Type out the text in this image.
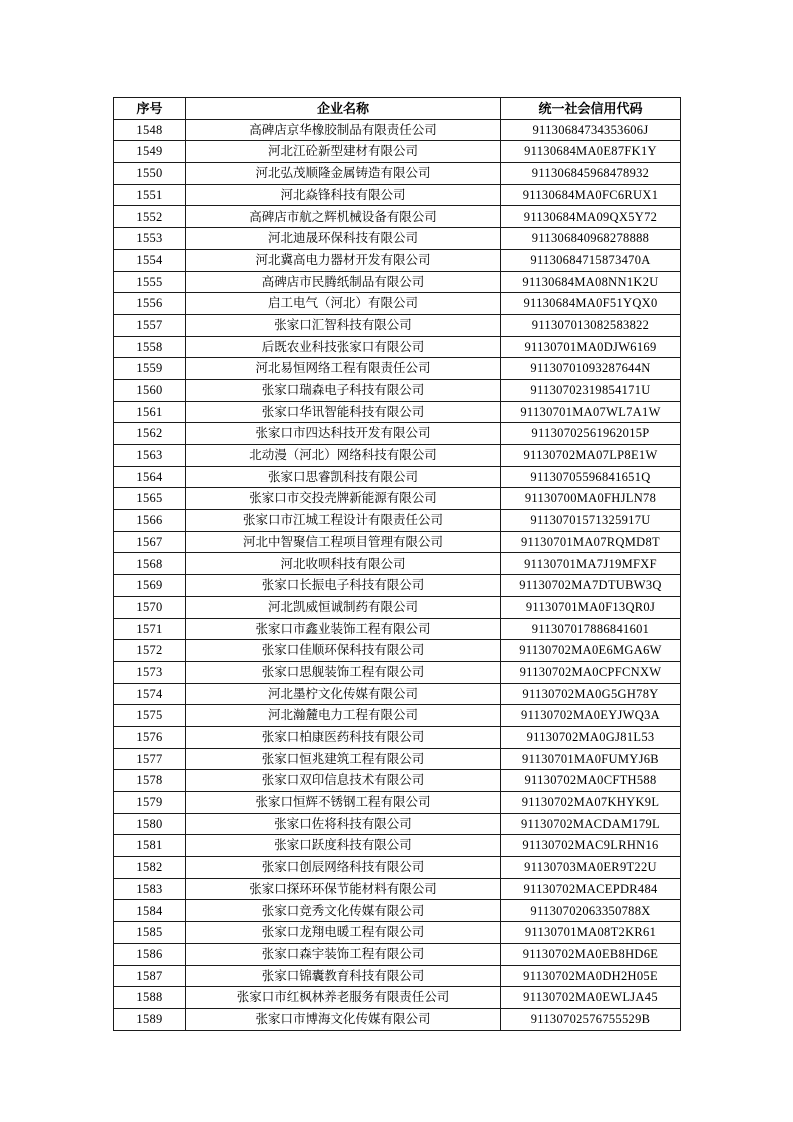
序号	企业名称	统一社会信用代码
1548	高碑店京华橡胶制品有限责任公司	91130684734353606J
1549	河北江砼新型建材有限公司	91130684MA0E87FK1Y
1550	河北弘茂顺隆金属铸造有限公司	911306845968478932
1551	河北焱锋科技有限公司	91130684MA0FC6RUX1
1552	高碑店市航之辉机械设备有限公司	91130684MA09QX5Y72
1553	河北迪晟环保科技有限公司	911306840968278888
1554	河北冀高电力器材开发有限公司	91130684715873470A
1555	高碑店市民腾纸制品有限公司	91130684MA08NN1K2U
1556	启工电气（河北）有限公司	91130684MA0F51YQX0
1557	张家口汇智科技有限公司	911307013082583822
1558	后既农业科技张家口有限公司	91130701MA0DJW6169
1559	河北易恒网络工程有限责任公司	91130701093287644N
1560	张家口瑞森电子科技有限公司	91130702319854171U
1561	张家口华讯智能科技有限公司	91130701MA07WL7A1W
1562	张家口市四达科技开发有限公司	91130702561962015P
1563	北动漫（河北）网络科技有限公司	91130702MA07LP8E1W
1564	张家口思睿凯科技有限公司	91130705596841651Q
1565	张家口市交投壳牌新能源有限公司	91130700MA0FHJLN78
1566	张家口市江城工程设计有限责任公司	91130701571325917U
1567	河北中智聚信工程项目管理有限公司	91130701MA07RQMD8T
1568	河北收呗科技有限公司	91130701MA7J19MFXF
1569	张家口长振电子科技有限公司	91130702MA7DTUBW3Q
1570	河北凯威恒诚制药有限公司	91130701MA0F13QR0J
1571	张家口市鑫业装饰工程有限公司	911307017886841601
1572	张家口佳顺环保科技有限公司	91130702MA0E6MGA6W
1573	张家口思舰装饰工程有限公司	91130702MA0CPFCNXW
1574	河北墨柠文化传媒有限公司	91130702MA0G5GH78Y
1575	河北瀚麓电力工程有限公司	91130702MA0EYJWQ3A
1576	张家口柏康医药科技有限公司	91130702MA0GJ81L53
1577	张家口恒兆建筑工程有限公司	91130701MA0FUMYJ6B
1578	张家口双印信息技术有限公司	91130702MA0CFTH588
1579	张家口恒辉不锈钢工程有限公司	91130702MA07KHYK9L
1580	张家口佐将科技有限公司	91130702MACDAM179L
1581	张家口跃度科技有限公司	91130702MAC9LRHN16
1582	张家口创辰网络科技有限公司	91130703MA0ER9T22U
1583	张家口探环环保节能材料有限公司	91130702MACEPDR484
1584	张家口竞秀文化传媒有限公司	91130702063350788X
1585	张家口龙翔电暖工程有限公司	91130701MA08T2KR61
1586	张家口森宇装饰工程有限公司	91130702MA0EB8HD6E
1587	张家口锦囊教育科技有限公司	91130702MA0DH2H05E
1588	张家口市红枫林养老服务有限责任公司	91130702MA0EWLJA45
1589	张家口市博海文化传媒有限公司	91130702576755529B
